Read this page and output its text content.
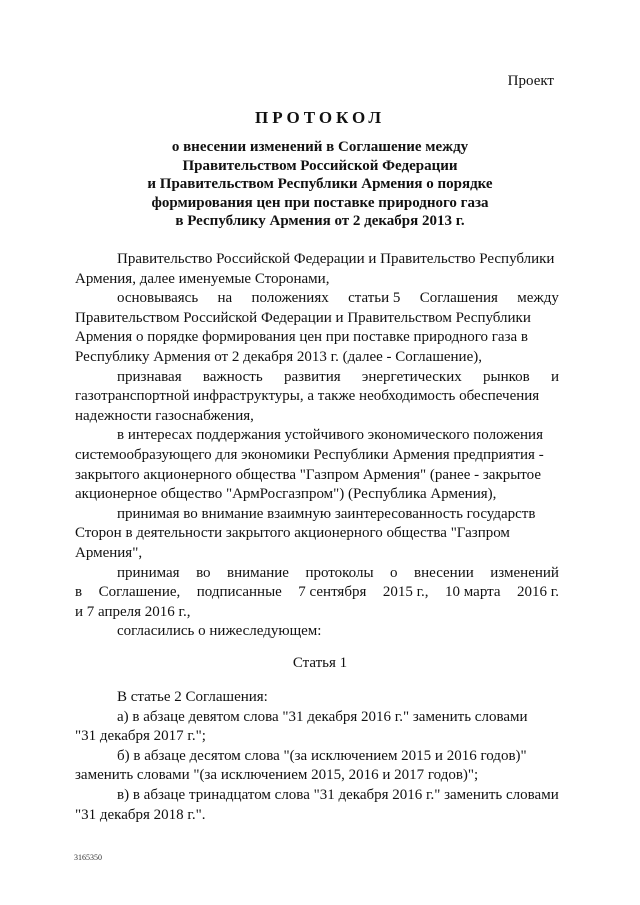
Проект
ПРОТОКОЛ
о внесении изменений в Соглашение между
Правительством Российской Федерации
и Правительством Республики Армения о порядке
формирования цен при поставке природного газа
в Республику Армения от 2 декабря 2013 г.
Правительство Российской Федерации и Правительство Республики
Армения, далее именуемые Сторонами,
основываясь на положениях статьи 5 Соглашения между
Правительством Российской Федерации и Правительством Республики
Армения о порядке формирования цен при поставке природного газа в
Республику Армения от 2 декабря 2013 г. (далее - Соглашение),
признавая важность развития энергетических рынков и
газотранспортной инфраструктуры, а также необходимость обеспечения
надежности газоснабжения,
в интересах поддержания устойчивого экономического положения
системообразующего для экономики Республики Армения предприятия -
закрытого акционерного общества "Газпром Армения" (ранее - закрытое
акционерное общество "АрмРосгазпром") (Республика Армения),
принимая во внимание взаимную заинтересованность государств
Сторон в деятельности закрытого акционерного общества "Газпром
Армения",
принимая во внимание протоколы о внесении изменений
в Соглашение, подписанные 7 сентября 2015 г., 10 марта 2016 г.
и 7 апреля 2016 г.,
согласились о нижеследующем:
Статья 1
В статье 2 Соглашения:
а) в абзаце девятом слова "31 декабря 2016 г." заменить словами
"31 декабря 2017 г.";
б) в абзаце десятом слова "(за исключением 2015 и 2016 годов)"
заменить словами "(за исключением 2015, 2016 и 2017 годов)";
в) в абзаце тринадцатом слова "31 декабря 2016 г." заменить словами
"31 декабря 2018 г.".
3165350
